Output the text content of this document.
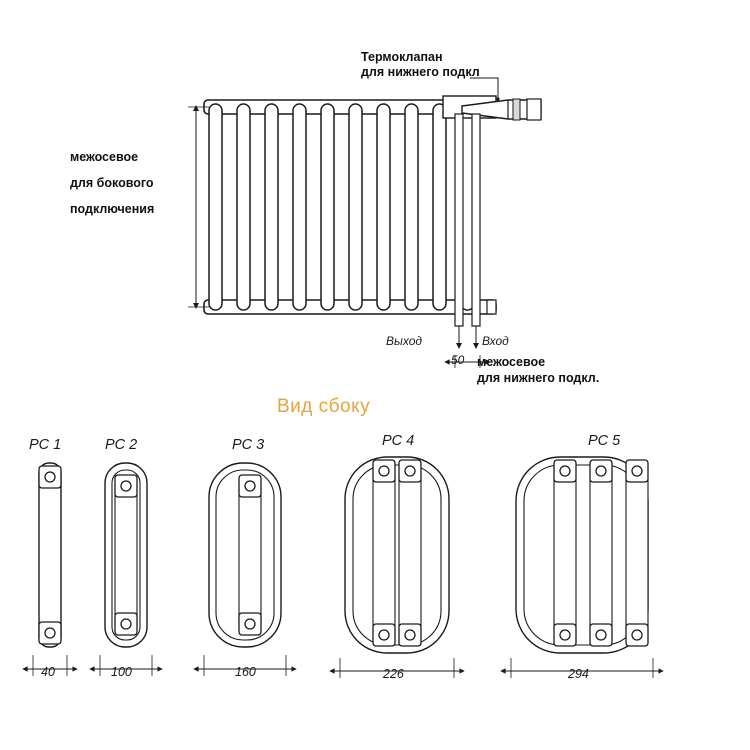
Термоклапан
для нижнего подкл
межосевое
для бокового
подключения
Выход	Вход
50 межосевое
для нижнего подкл.
Вид сбоку
РС 1	РС 2	РС 3	РС 4	РС 5
40	100	160	226	294
